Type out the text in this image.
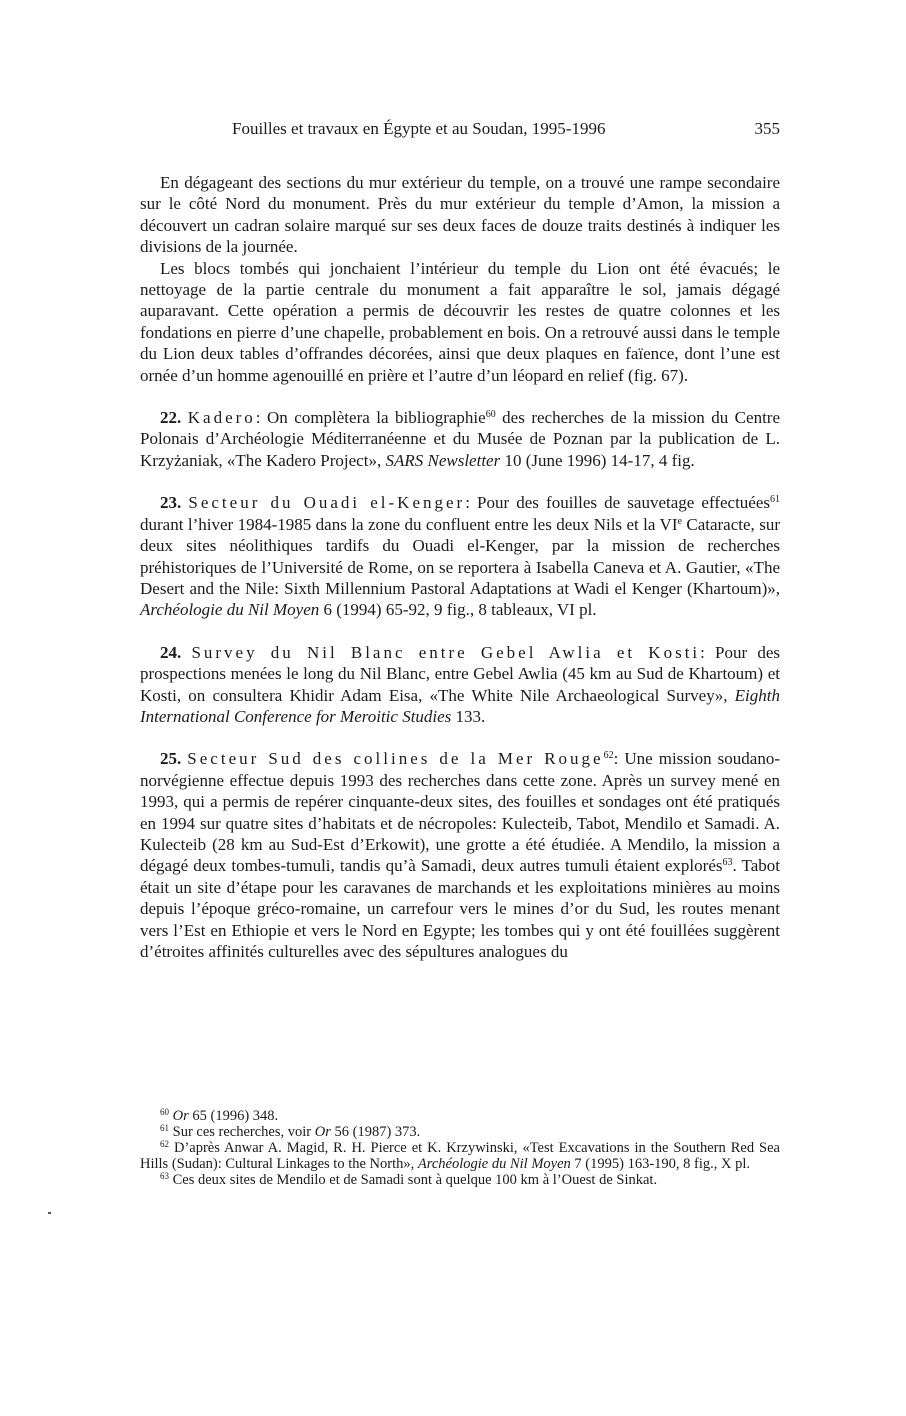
Fouilles et travaux en Égypte et au Soudan, 1995-1996	355

En dégageant des sections du mur extérieur du temple, on a trouvé une rampe secondaire sur le côté Nord du monument. Près du mur extérieur du temple d’Amon, la mission a découvert un cadran solaire marqué sur ses deux faces de douze traits destinés à indiquer les divisions de la journée.

Les blocs tombés qui jonchaient l’intérieur du temple du Lion ont été évacués; le nettoyage de la partie centrale du monument a fait apparaître le sol, jamais dégagé auparavant. Cette opération a permis de découvrir les restes de quatre colonnes et les fondations en pierre d’une chapelle, probablement en bois. On a retrouvé aussi dans le temple du Lion deux tables d’offrandes décorées, ainsi que deux plaques en faïence, dont l’une est ornée d’un homme agenouillé en prière et l’autre d’un léopard en relief (fig. 67).

22. Kadero: On complètera la bibliographie$^{60}$ des recherches de la mission du Centre Polonais d’Archéologie Méditerranéenne et du Musée de Poznan par la publication de L. Krzyżaniak, «The Kadero Project», SARS Newsletter 10 (June 1996) 14-17, 4 fig.

23. Secteur du Ouadi el-Kenger: Pour des fouilles de sauvetage effectuées$^{61}$ durant l’hiver 1984-1985 dans la zone du confluent entre les deux Nils et la VIe Cataracte, sur deux sites néolithiques tardifs du Ouadi el-Kenger, par la mission de recherches préhistoriques de l’Université de Rome, on se reportera à Isabella Caneva et A. Gautier, «The Desert and the Nile: Sixth Millennium Pastoral Adaptations at Wadi el Kenger (Khartoum)», Archéologie du Nil Moyen 6 (1994) 65-92, 9 fig., 8 tableaux, VI pl.

24. Survey du Nil Blanc entre Gebel Awlia et Kosti: Pour des prospections menées le long du Nil Blanc, entre Gebel Awlia (45 km au Sud de Khartoum) et Kosti, on consultera Khidir Adam Eisa, «The White Nile Archaeological Survey», Eighth International Conference for Meroitic Studies 133.

25. Secteur Sud des collines de la Mer Rouge$^{62}$: Une mission soudano-norvégienne effectue depuis 1993 des recherches dans cette zone. Après un survey mené en 1993, qui a permis de repérer cinquante-deux sites, des fouilles et sondages ont été pratiqués en 1994 sur quatre sites d’habitats et de nécropoles: Kulecteib, Tabot, Mendilo et Samadi. A. Kulecteib (28 km au Sud-Est d’Erkowit), une grotte a été étudiée. A Mendilo, la mission a dégagé deux tombes-tumuli, tandis qu’à Samadi, deux autres tumuli étaient explorés$^{63}$. Tabot était un site d’étape pour les caravanes de marchands et les exploitations minières au moins depuis l’époque gréco-romaine, un carrefour vers le mines d’or du Sud, les routes menant vers l’Est en Ethiopie et vers le Nord en Egypte; les tombes qui y ont été fouillées suggèrent d’étroites affinités culturelles avec des sépultures analogues du

$^{60}$ Or 65 (1996) 348.

$^{61}$ Sur ces recherches, voir Or 56 (1987) 373.

$^{62}$ D’après Anwar A. Magid, R. H. Pierce et K. Krzywinski, «Test Excavations in the Southern Red Sea Hills (Sudan): Cultural Linkages to the North», Archéologie du Nil Moyen 7 (1995) 163-190, 8 fig., X pl.

$^{63}$ Ces deux sites de Mendilo et de Samadi sont à quelque 100 km à l’Ouest de Sinkat.
